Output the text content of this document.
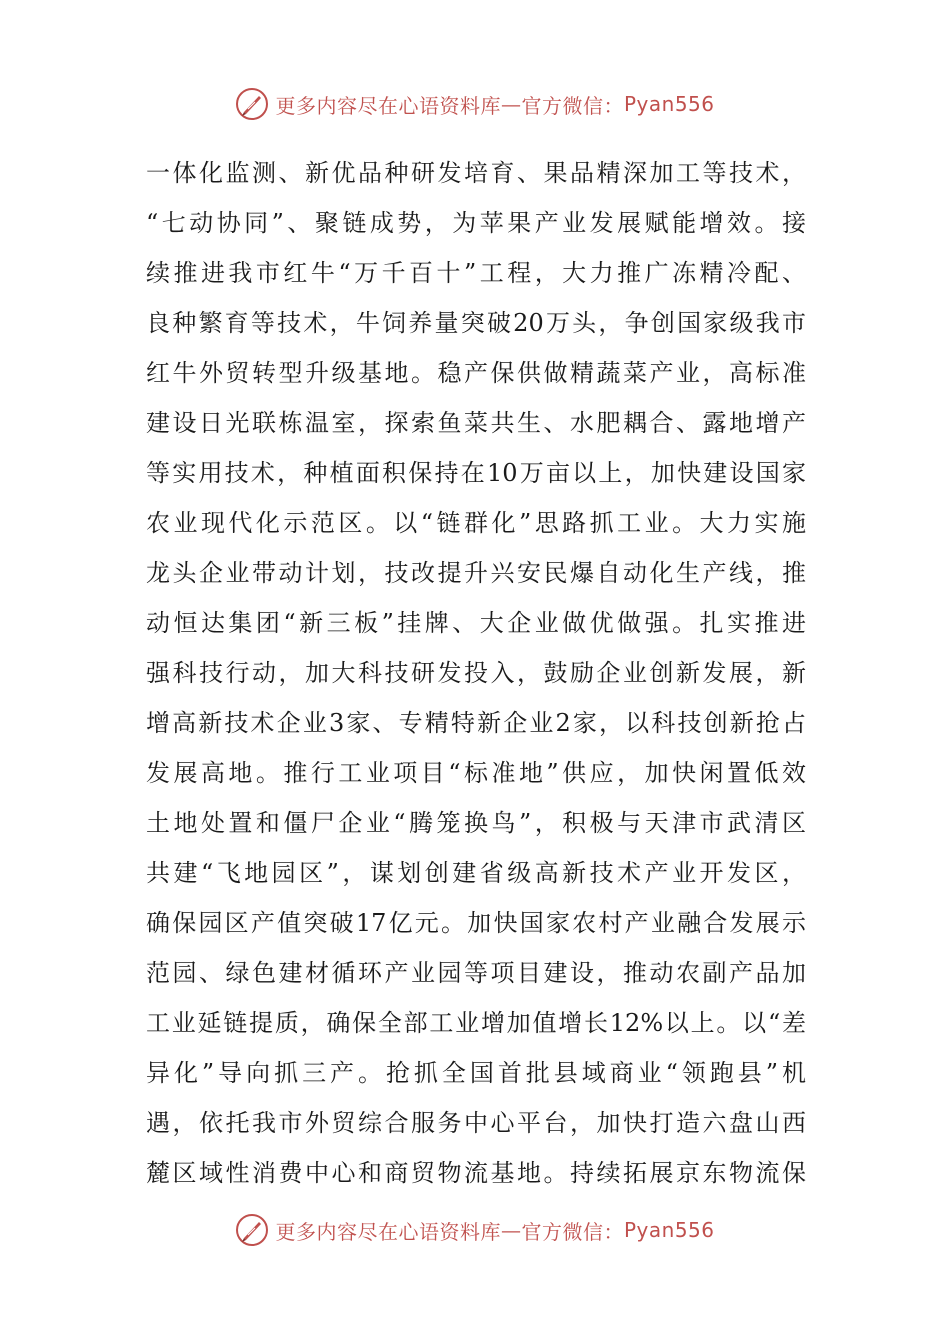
更多内容尽在心语资料库 — 官方微信： Pyan556
一体化监测、新优品种研发培育、果品精深加工等技术，
“七动协同”、聚链成势，为苹果产业发展赋能增效。接
续推进我市红牛“万千百十”工程，大力推广冻精冷配、
良种繁育等技术，牛饲养量突破20万头，争创国家级我市
红牛外贸转型升级基地。稳产保供做精蔬菜产业，高标准
建设日光联栋温室，探索鱼菜共生、水肥耦合、露地增产
等实用技术，种植面积保持在10万亩以上，加快建设国家
农业现代化示范区。以“链群化”思路抓工业。大力实施
龙头企业带动计划，技改提升兴安民爆自动化生产线，推
动恒达集团“新三板”挂牌、大企业做优做强。扎实推进
强科技行动，加大科技研发投入，鼓励企业创新发展，新
增高新技术企业3家、专精特新企业2家，以科技创新抢占
发展高地。推行工业项目“标准地”供应，加快闲置低效
土地处置和僵尸企业“腾笼换鸟”，积极与天津市武清区
共建“飞地园区”，谋划创建省级高新技术产业开发区，
确保园区产值突破17亿元。加快国家农村产业融合发展示
范园、绿色建材循环产业园等项目建设，推动农副产品加
工业延链提质，确保全部工业增加值增长12%以上。以“差
异化”导向抓三产。抢抓全国首批县域商业“领跑县”机
遇，依托我市外贸综合服务中心平台，加快打造六盘山西
麓区域性消费中心和商贸物流基地。持续拓展京东物流保
更多内容尽在心语资料库 — 官方微信： Pyan556
